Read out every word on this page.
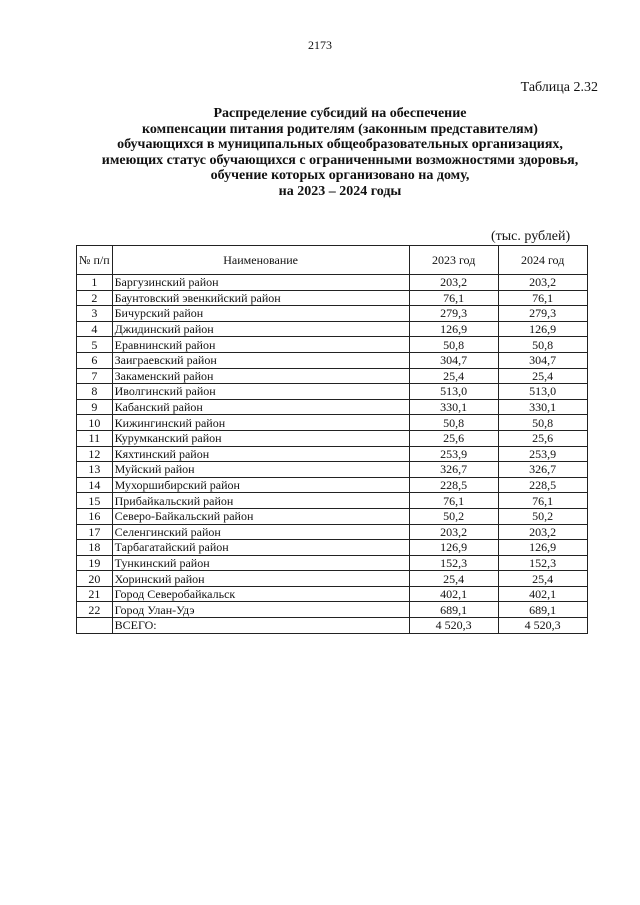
2173
Таблица 2.32
Распределение субсидий на обеспечение
компенсации питания родителям (законным представителям)
обучающихся в муниципальных общеобразовательных организациях,
имеющих статус обучающихся с ограниченными возможностями здоровья,
обучение которых организовано на дому,
на 2023 – 2024 годы
(тыс. рублей)
№ п/п	Наименование	2023 год	2024 год
1	Баргузинский район	203,2	203,2
2	Баунтовский эвенкийский район	76,1	76,1
3	Бичурский район	279,3	279,3
4	Джидинский район	126,9	126,9
5	Еравнинский район	50,8	50,8
6	Заиграевский район	304,7	304,7
7	Закаменский район	25,4	25,4
8	Иволгинский район	513,0	513,0
9	Кабанский район	330,1	330,1
10	Кижингинский район	50,8	50,8
11	Курумканский район	25,6	25,6
12	Кяхтинский район	253,9	253,9
13	Муйский район	326,7	326,7
14	Мухоршибирский район	228,5	228,5
15	Прибайкальский район	76,1	76,1
16	Северо-Байкальский район	50,2	50,2
17	Селенгинский район	203,2	203,2
18	Тарбагатайский район	126,9	126,9
19	Тункинский район	152,3	152,3
20	Хоринский район	25,4	25,4
21	Город Северобайкальск	402,1	402,1
22	Город Улан-Удэ	689,1	689,1
	ВСЕГО:	4 520,3	4 520,3
